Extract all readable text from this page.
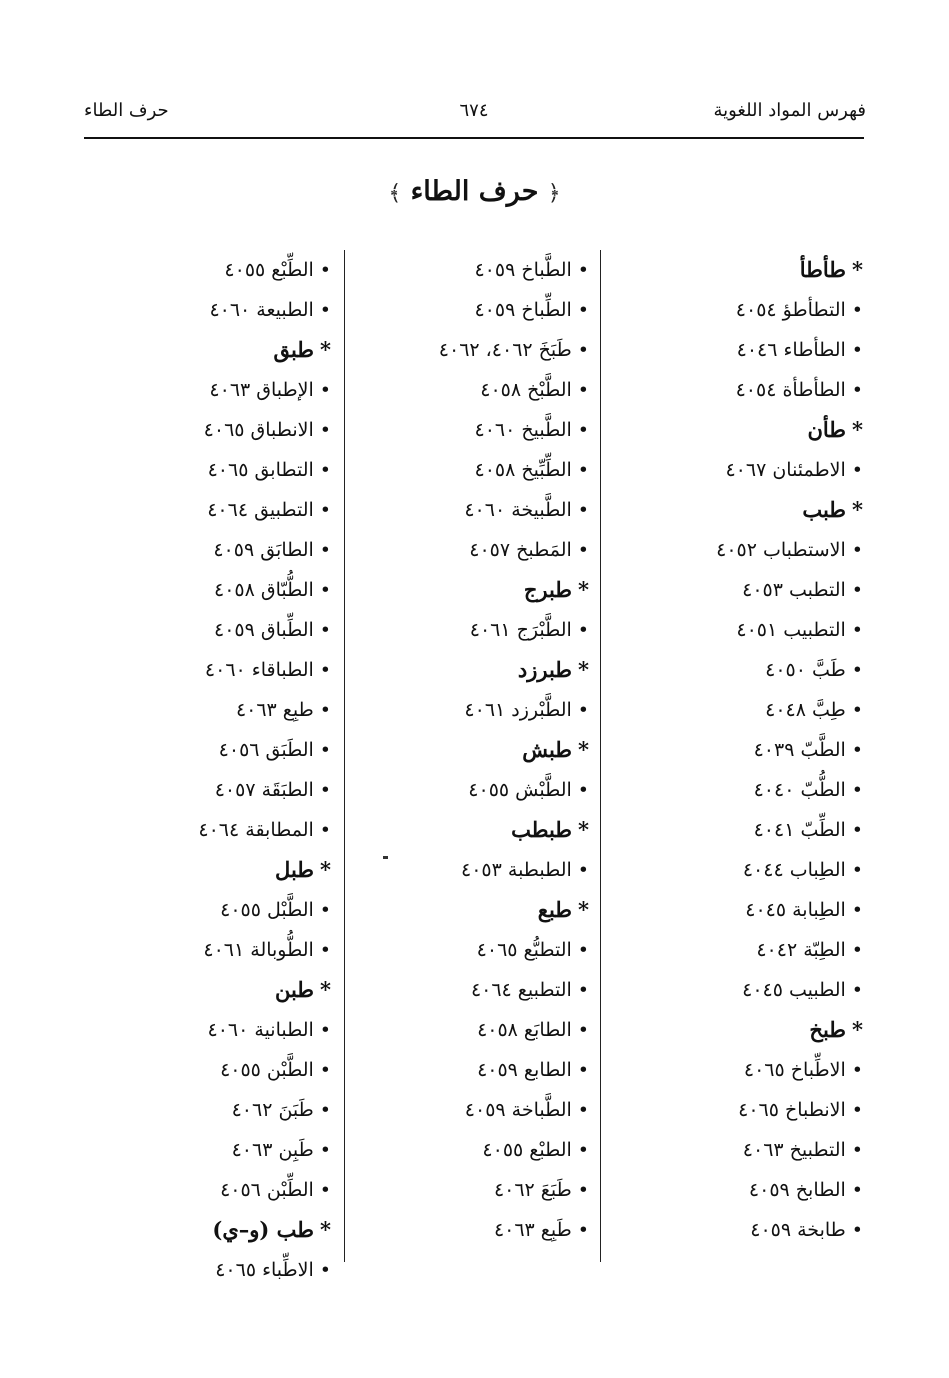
فهرس المواد اللغوية
٦٧٤
حرف الطاء
﴾ حرف الطاء ﴿
*طأطأ
•التطأطؤ ٤٠٥٤
•الطأطاء ٤٠٤٦
•الطأطأة ٤٠٥٤
*طأن
•الاطمئنان ٤٠٦٧
*طبب
•الاستطباب ٤٠٥٢
•التطبب ٤٠٥٣
•التطبيب ٤٠٥١
•طَبَّ ٤٠٥٠
•طِبَّ ٤٠٤٨
•الطَّبّ ٤٠٣٩
•الطُّبّ ٤٠٤٠
•الطِّبّ ٤٠٤١
•الطِباب ٤٠٤٤
•الطِبابة ٤٠٤٥
•الطِبّة ٤٠٤٢
•الطبيب ٤٠٤٥
*طبخ
•الاطِّباخ ٤٠٦٥
•الانطباخ ٤٠٦٥
•التطبيخ ٤٠٦٣
•الطابخ ٤٠٥٩
•طابخة ٤٠٥٩
•الطَّباخ ٤٠٥٩
•الطِّباخ ٤٠٥٩
•طَبَخَ ٤٠٦٢، ٤٠٦٢
•الطَّبْخ ٤٠٥٨
•الطَّبيخ ٤٠٦٠
•الطِّبِّيخ ٤٠٥٨
•الطَّبيخة ٤٠٦٠
•المَطبخ ٤٠٥٧
*طبرج
•الطَّبْرَج ٤٠٦١
*طبرزد
•الطَّبْرزد ٤٠٦١
*طبش
•الطَّبْش ٤٠٥٥
*طبطب
•الطبطبة ٤٠٥٣
*طبع
•التطبُّع ٤٠٦٥
•التطبيع ٤٠٦٤
•الطابَع ٤٠٥٨
•الطابع ٤٠٥٩
•الطَّباخة ٤٠٥٩
•الطبْع ٤٠٥٥
•طَبَعَ ٤٠٦٢
•طَبِع ٤٠٦٣
•الطِّبْع ٤٠٥٥
•الطبيعة ٤٠٦٠
*طبق
•الإطباق ٤٠٦٣
•الانطباق ٤٠٦٥
•التطابق ٤٠٦٥
•التطبيق ٤٠٦٤
•الطابَق ٤٠٥٩
•الطُّبّاق ٤٠٥٨
•الطِّباق ٤٠٥٩
•الطباقاء ٤٠٦٠
•طبِع ٤٠٦٣
•الطَبَق ٤٠٥٦
•الطبَقَة ٤٠٥٧
•المطابقة ٤٠٦٤
*طبل
•الطَّبْل ٤٠٥٥
•الطُّوبالة ٤٠٦١
*طبن
•الطبانية ٤٠٦٠
•الطَّبْن ٤٠٥٥
•طَبَنَ ٤٠٦٢
•طَبِن ٤٠٦٣
•الطِّبْن ٤٠٥٦
*طب (و–ي)
•الاطِّباء ٤٠٦٥
